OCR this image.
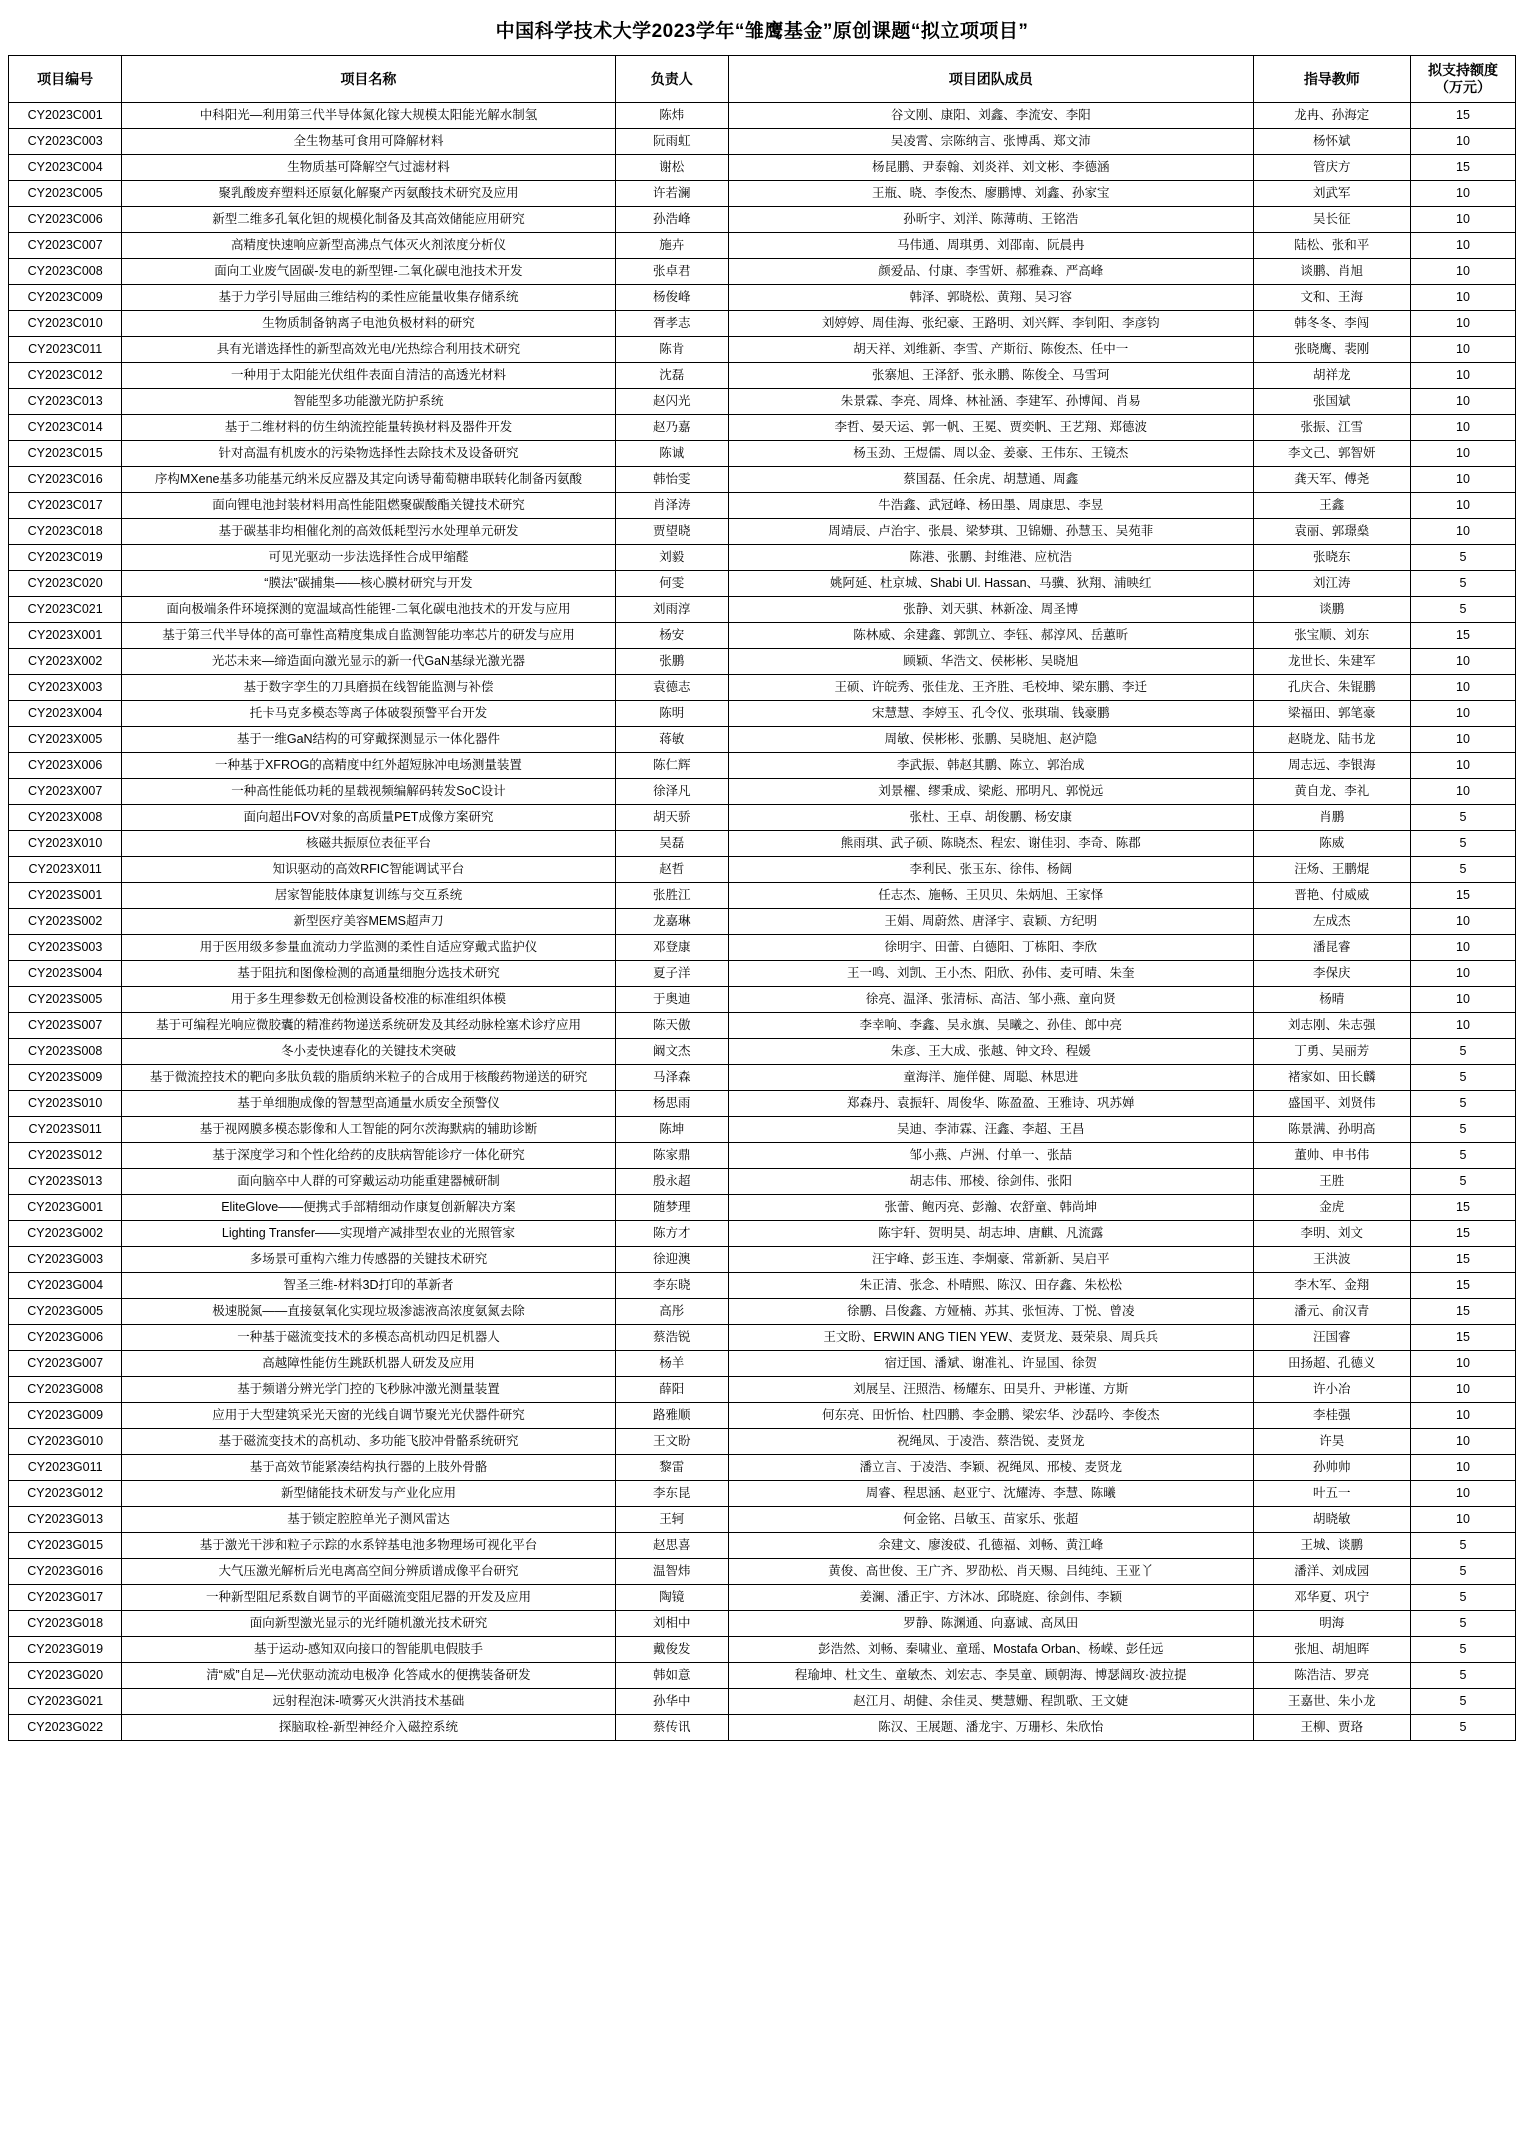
中国科学技术大学2023学年“雏鹰基金”原创课题“拟立项项目”
项目编号	项目名称	负责人	项目团队成员	指导教师	拟支持额度
（万元）

CY2023C001	中科阳光—利用第三代半导体氮化镓大规模太阳能光解水制氢	陈炜	谷文刚、康阳、刘鑫、李流安、李阳	龙冉、孙海定	15
CY2023C003	全生物基可食用可降解材料	阮雨虹	吴凌霄、宗陈纳言、张博禹、郑文沛	杨怀斌	10
CY2023C004	生物质基可降解空气过滤材料	谢松	杨昆鹏、尹泰翰、刘炎祥、刘文彬、李德涵	管庆方	15
CY2023C005	聚乳酸废弃塑料还原氨化解聚产丙氨酸技术研究及应用	许若澜	王瓶、晓、李俊杰、廖鹏博、刘鑫、孙家宝	刘武军	10
CY2023C006	新型二维多孔氧化钽的规模化制备及其高效储能应用研究	孙浩峰	孙昕宇、刘洋、陈薄萌、王铭浩	吴长征	10
CY2023C007	高精度快速响应新型高沸点气体灭火剂浓度分析仪	施卉	马伟通、周琪勇、刘邵南、阮晨冉	陆松、张和平	10
CY2023C008	面向工业废气固碳-发电的新型锂-二氧化碳电池技术开发	张卓君	颜爱品、付康、李雪妍、郝雅森、严高峰	谈鹏、肖旭	10
CY2023C009	基于力学引导屈曲三维结构的柔性应能量收集存储系统	杨俊峰	韩泽、郭晓松、黄翔、吴习容	文和、王海	10
CY2023C010	生物质制备钠离子电池负极材料的研究	胥孝志	刘婷婷、周佳海、张纪豪、王路明、刘兴辉、李钊阳、李彦钧	韩冬冬、李闯	10
CY2023C011	具有光谱选择性的新型高效光电/光热综合利用技术研究	陈肯	胡天祥、刘维新、李雪、产斯衍、陈俊杰、任中一	张晓鹰、裴刚	10
CY2023C012	一种用于太阳能光伏组件表面自清洁的高透光材料	沈磊	张寨旭、王泽舒、张永鹏、陈俊全、马雪珂	胡祥龙	10
CY2023C013	智能型多功能激光防护系统	赵闪光	朱景霖、李亮、周烽、林祉涵、李建军、孙博闻、肖易	张国斌	10
CY2023C014	基于二维材料的仿生纳流控能量转换材料及器件开发	赵乃嘉	李哲、晏天运、郭一帆、王冕、贾奕帆、王艺翔、郑德波	张振、江雪	10
CY2023C015	针对高温有机废水的污染物选择性去除技术及设备研究	陈诚	杨玉劲、王煜儒、周以金、姜豪、王伟东、王镜杰	李文己、郭智妍	10
CY2023C016	序构MXene基多功能基元纳米反应器及其定向诱导葡萄糖串联转化制备丙氨酸	韩怡雯	蔡国磊、任余虎、胡慧通、周鑫	龚天军、傅尧	10
CY2023C017	面向锂电池封装材料用高性能阻燃聚碳酸酯关键技术研究	肖泽涛	牛浩鑫、武冠峰、杨田墨、周康思、李昱	王鑫	10
CY2023C018	基于碳基非均相催化剂的高效低耗型污水处理单元研发	贾望晓	周靖辰、卢治宇、张晨、梁梦琪、卫锦姗、孙慧玉、吴苑菲	袁丽、郭璟燊	10
CY2023C019	可见光驱动一步法选择性合成甲缩醛	刘毅	陈港、张鹏、封维港、应杭浩	张晓东	5
CY2023C020	“膜法”碳捕集——核心膜材研究与开发	何雯	姚阿延、杜京城、Shabi Ul. Hassan、马骥、狄翔、浦映红	刘江涛	5
CY2023C021	面向极端条件环境探测的宽温域高性能锂-二氧化碳电池技术的开发与应用	刘雨淳	张静、刘天骐、林新凎、周圣博	谈鹏	5
CY2023X001	基于第三代半导体的高可靠性高精度集成自监测智能功率芯片的研发与应用	杨安	陈林威、余建鑫、郭凯立、李钰、郝淳风、岳蕙昕	张宝顺、刘东	15
CY2023X002	光芯未来—缔造面向激光显示的新一代GaN基绿光激光器	张鹏	顾颖、华浩文、侯彬彬、吴晓旭	龙世长、朱建军	10
CY2023X003	基于数字孪生的刀具磨损在线智能监测与补偿	袁德志	王硕、许皖秀、张佳龙、王齐胜、毛校坤、梁东鹏、李迁	孔庆合、朱锟鹏	10
CY2023X004	托卡马克多模态等离子体破裂预警平台开发	陈明	宋慧慧、李婷玉、孔令仪、张琪瑞、钱豪鹏	梁福田、郭笔豪	10
CY2023X005	基于一维GaN结构的可穿戴探测显示一体化器件	蒋敏	周敏、侯彬彬、张鹏、吴晓旭、赵泸隐	赵晓龙、陆书龙	10
CY2023X006	一种基于XFROG的高精度中红外超短脉冲电场测量装置	陈仁辉	李武振、韩赵其鹏、陈立、郭治成	周志远、李银海	10
CY2023X007	一种高性能低功耗的星载视频编解码转发SoC设计	徐泽凡	刘景櫂、缪秉成、梁彪、邢明凡、郭悦远	黄自龙、李礼	10
CY2023X008	面向超出FOV对象的高质量PET成像方案研究	胡天骄	张杜、王卓、胡俊鹏、杨安康	肖鹏	5
CY2023X010	核磁共振原位表征平台	吴磊	熊雨琪、武子硕、陈晓杰、程宏、谢佳羽、李奇、陈郡	陈威	5
CY2023X011	知识驱动的高效RFIC智能调试平台	赵哲	李利民、张玉东、徐伟、杨阔	汪炀、王鹏焜	5
CY2023S001	居家智能肢体康复训练与交互系统	张胜江	任志杰、施畅、王贝贝、朱炳旭、王家怿	晋艳、付威威	15
CY2023S002	新型医疗美容MEMS超声刀	龙嘉琳	王娟、周蔚然、唐泽宇、袁颖、方纪明	左成杰	10
CY2023S003	用于医用级多参量血流动力学监测的柔性自适应穿戴式监护仪	邓登康	徐明宇、田蕾、白德阳、丁栋阳、李欣	潘昆睿	10
CY2023S004	基于阻抗和图像检测的高通量细胞分选技术研究	夏子洋	王一鸣、刘凯、王小杰、阳欣、孙伟、麦可晴、朱奎	李保庆	10
CY2023S005	用于多生理参数无创检测设备校准的标准组织体模	于奥迪	徐亮、温泽、张清标、高洁、邹小燕、童向贤	杨晴	10
CY2023S007	基于可编程光响应微胶囊的精准药物递送系统研发及其经动脉栓塞术诊疗应用	陈天傲	李幸响、李鑫、吴永旗、吴曦之、孙佳、郎中亮	刘志刚、朱志强	10
CY2023S008	冬小麦快速春化的关键技术突破	阚文杰	朱彦、王大成、张越、钟文玲、程媛	丁勇、吴丽芳	5
CY2023S009	基于微流控技术的靶向多肽负载的脂质纳米粒子的合成用于核酸药物递送的研究	马泽森	童海洋、施佯健、周聪、林思进	褚家如、田长麟	5
CY2023S010	基于单细胞成像的智慧型高通量水质安全预警仪	杨思雨	郑森丹、袁振轩、周俊华、陈盈盈、王雅诗、巩苏婵	盛国平、刘贤伟	5
CY2023S011	基于视网膜多模态影像和人工智能的阿尔茨海默病的辅助诊断	陈坤	吴迪、李沛霖、汪鑫、李超、王昌	陈景满、孙明高	5
CY2023S012	基于深度学习和个性化给药的皮肤病智能诊疗一体化研究	陈家鼎	邹小燕、卢洲、付单一、张喆	董帅、申书伟	5
CY2023S013	面向脑卒中人群的可穿戴运动功能重建器械研制	殷永超	胡志伟、邢棱、徐剑伟、张阳	王胜	5
CY2023G001	EliteGlove——便携式手部精细动作康复创新解决方案	随梦理	张蕾、鲍丙亮、彭瀚、农舒童、韩尚坤	金虎	15
CY2023G002	Lighting Transfer——实现增产减排型农业的光照管家	陈方才	陈宇轩、贺明昊、胡志坤、唐麒、凡流露	李明、刘文	15
CY2023G003	多场景可重构六维力传感器的关键技术研究	徐迎澳	汪宇峰、彭玉连、李炯豪、常新新、吴启平	王洪波	15
CY2023G004	智圣三维-材料3D打印的革新者	李东晓	朱正清、张念、朴晴熙、陈汉、田存鑫、朱松松	李木军、金翔	15
CY2023G005	极速脱氮——直接氨氧化实现垃圾渗滤液高浓度氨氮去除	高彤	徐鹏、吕俊鑫、方娅楠、苏其、张恒涛、丁悦、曾凌	潘元、俞汉青	15
CY2023G006	一种基于磁流变技术的多模态高机动四足机器人	蔡浩锐	王文盼、ERWIN ANG TIEN YEW、麦贤龙、聂荣泉、周兵兵	汪国睿	15
CY2023G007	高越障性能仿生跳跃机器人研发及应用	杨羊	宿迂国、潘斌、谢准礼、许显国、徐贺	田扬超、孔德义	10
CY2023G008	基于频谱分辨光学门控的飞秒脉冲激光测量装置	薛阳	刘展呈、汪照浩、杨耀东、田昊升、尹彬谨、方斯	许小冶	10
CY2023G009	应用于大型建筑采光天窗的光线自调节聚光光伏器件研究	路雅顺	何东亮、田忻怡、杜四鹏、李金鹏、梁宏华、沙磊吟、李俊杰	李桂强	10
CY2023G010	基于磁流变技术的高机动、多功能飞胶冲骨骼系统研究	王文盼	祝绳凤、于凌浩、蔡浩锐、麦贤龙	许昊	10
CY2023G011	基于高效节能紧凑结构执行器的上肢外骨骼	黎雷	潘立言、于凌浩、李颖、祝绳凤、邢棱、麦贤龙	孙帅帅	10
CY2023G012	新型储能技术研发与产业化应用	李东昆	周睿、程思涵、赵亚宁、沈耀涛、李慧、陈曦	叶五一	10
CY2023G013	基于锁定腔腔单光子测风雷达	王轲	何金铭、吕敏玉、苗家乐、张超	胡晓敏	10
CY2023G015	基于激光干涉和粒子示踪的水系锌基电池多物理场可视化平台	赵思喜	余建文、廖浚砹、孔德福、刘畅、黄江峰	王城、谈鹏	5
CY2023G016	大气压激光解析后光电离高空间分辨质谱成像平台研究	温智炜	黄俊、高世俊、王广齐、罗劭松、肖天赐、吕纯纯、王亚丫	潘洋、刘成园	5
CY2023G017	一种新型阻尼系数自调节的平面磁流变阻尼器的开发及应用	陶镜	姜澜、潘正宇、方沐冰、邱晓庭、徐剑伟、李颖	邓华夏、巩宁	5
CY2023G018	面向新型激光显示的光纤随机激光技术研究	刘相中	罗静、陈渊通、向嘉诚、高凤田	明海	5
CY2023G019	基于运动-感知双向接口的智能肌电假肢手	戴俊发	彭浩然、刘畅、秦啸业、童瑶、Mostafa Orban、杨嵘、彭任远	张旭、胡旭晖	5
CY2023G020	清“威”自足—光伏驱动流动电极净 化答咸水的便携装备研发	韩如意	程瑜坤、杜文生、童敏杰、刘宏志、李昊童、顾朝海、博瑟阔玫·波拉提	陈浩洁、罗亮	5
CY2023G021	远射程泡沫-喷雾灭火洪消技术基础	孙华中	赵江月、胡健、余佳灵、樊慧姗、程凯歌、王文婕	王嘉世、朱小龙	5
CY2023G022	探脑取栓-新型神经介入磁控系统	蔡传讯	陈汉、王展题、潘龙宇、万珊杉、朱欣怡	王柳、贾珞	5
